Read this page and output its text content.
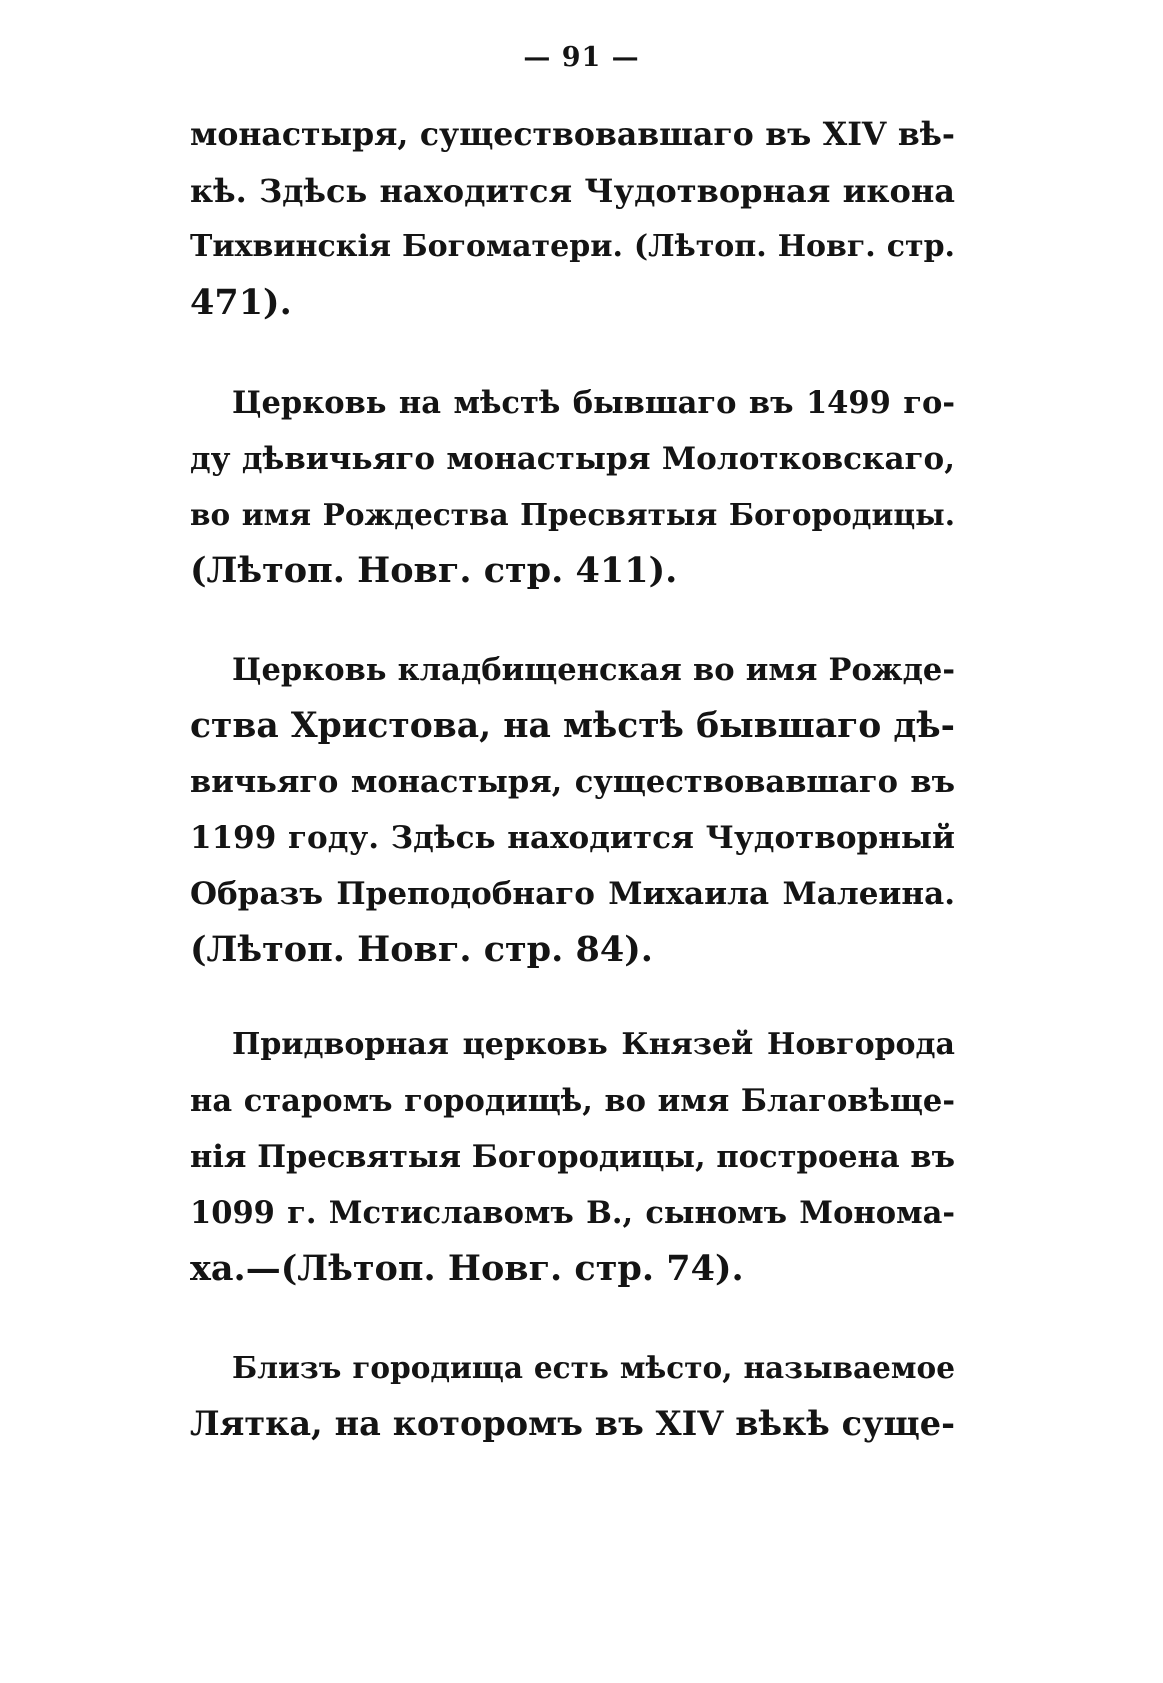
— 91 —
монастыря, существовавшаго въ XIV вѣ-
кѣ. Здѣсь находится Чудотворная икона
Тихвинскія Богоматери. (Лѣтоп. Новг. стр.
471).
Церковь на мѣстѣ бывшаго въ 1499 го-
ду дѣвичьяго монастыря Молотковскаго,
во имя Рождества Пресвятыя Богородицы.
(Лѣтоп. Новг. стр. 411).
Церковь кладбищенская во имя Рожде-
ства Христова, на мѣстѣ бывшаго дѣ-
вичьяго монастыря, существовавшаго въ
1199 году. Здѣсь находится Чудотворный
Образъ Преподобнаго Михаила Малеина.
(Лѣтоп. Новг. стр. 84).
Придворная церковь Князей Новгорода
на старомъ городищѣ, во имя Благовѣще-
нія Пресвятыя Богородицы, построена въ
1099 г. Мстиславомъ В., сыномъ Монома-
ха.—(Лѣтоп. Новг. стр. 74).
Близъ городища есть мѣсто, называемое
Лятка, на которомъ въ XIV вѣкѣ суще-
